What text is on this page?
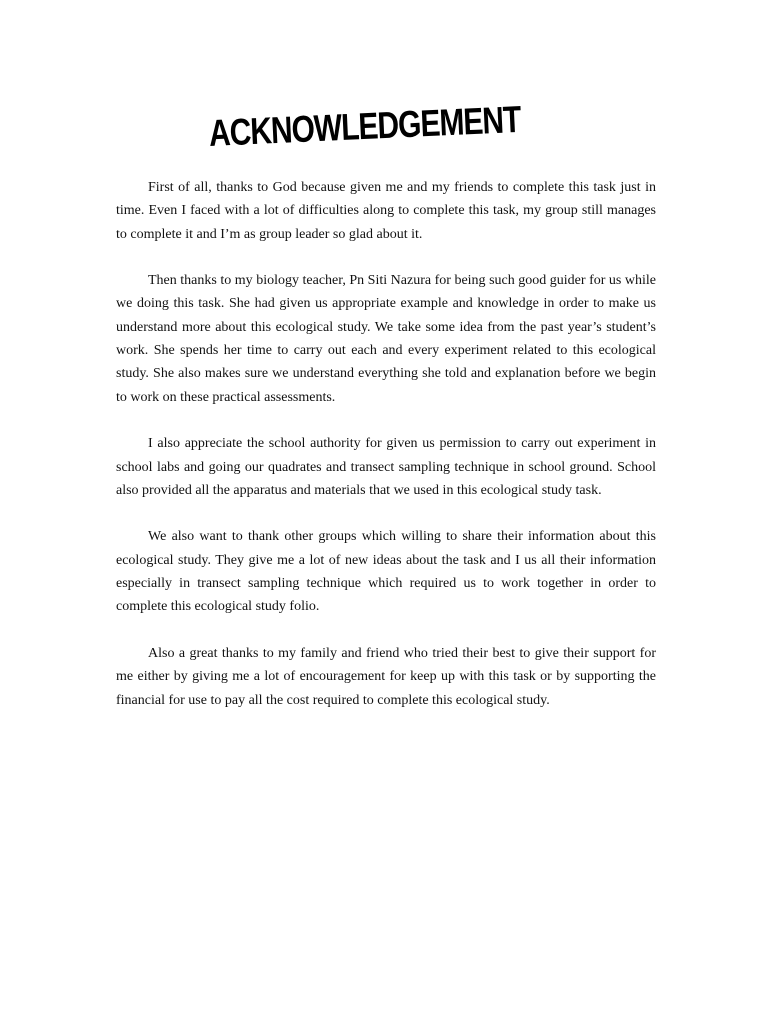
ACKNOWLEDGEMENT

First of all, thanks to God because given me and my friends to complete this task just in time. Even I faced with a lot of difficulties along to complete this task, my group still manages to complete it and I’m as group leader so glad about it.

Then thanks to my biology teacher, Pn Siti Nazura for being such good guider for us while we doing this task. She had given us appropriate example and knowledge in order to make us understand more about this ecological study. We take some idea from the past year’s student’s work. She spends her time to carry out each and every experiment related to this ecological study. She also makes sure we understand everything she told and explanation before we begin to work on these practical assessments.

I also appreciate the school authority for given us permission to carry out experiment in school labs and going our quadrates and transect sampling technique in school ground. School also provided all the apparatus and materials that we used in this ecological study task.

We also want to thank other groups which willing to share their information about this ecological study. They give me a lot of new ideas about the task and I us all their information especially in transect sampling technique which required us to work together in order to complete this ecological study folio.

Also a great thanks to my family and friend who tried their best to give their support for me either by giving me a lot of encouragement for keep up with this task or by supporting the financial for use to pay all the cost required to complete this ecological study.
